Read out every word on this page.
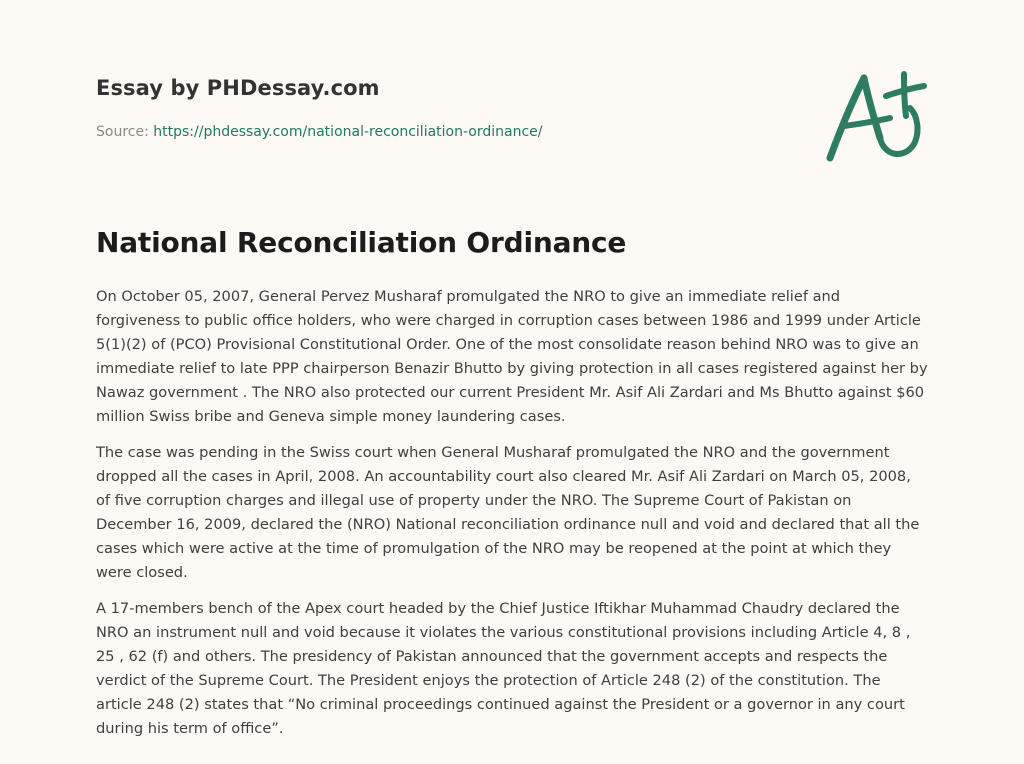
Essay by PHDessay.com
Source: https://phdessay.com/national-reconciliation-ordinance/
National Reconciliation Ordinance

On October 05, 2007, General Pervez Musharaf promulgated the NRO to give an immediate relief and forgiveness to public office holders, who were charged in corruption cases between 1986 and 1999 under Article 5(1)(2) of (PCO) Provisional Constitutional Order. One of the most consolidate reason behind NRO was to give an immediate relief to late PPP chairperson Benazir Bhutto by giving protection in all cases registered against her by Nawaz government . The NRO also protected our current President Mr. Asif Ali Zardari and Ms Bhutto against $60 million Swiss bribe and Geneva simple money laundering cases.

The case was pending in the Swiss court when General Musharaf promulgated the NRO and the government dropped all the cases in April, 2008. An accountability court also cleared Mr. Asif Ali Zardari on March 05, 2008, of five corruption charges and illegal use of property under the NRO. The Supreme Court of Pakistan on December 16, 2009, declared the (NRO) National reconciliation ordinance null and void and declared that all the cases which were active at the time of promulgation of the NRO may be reopened at the point at which they were closed.

A 17-members bench of the Apex court headed by the Chief Justice Iftikhar Muhammad Chaudry declared the NRO an instrument null and void because it violates the various constitutional provisions including Article 4, 8 , 25 , 62 (f) and others. The presidency of Pakistan announced that the government accepts and respects the verdict of the Supreme Court. The President enjoys the protection of Article 248 (2) of the constitution. The article 248 (2) states that “No criminal proceedings continued against the President or a governor in any court during his term of office”.
